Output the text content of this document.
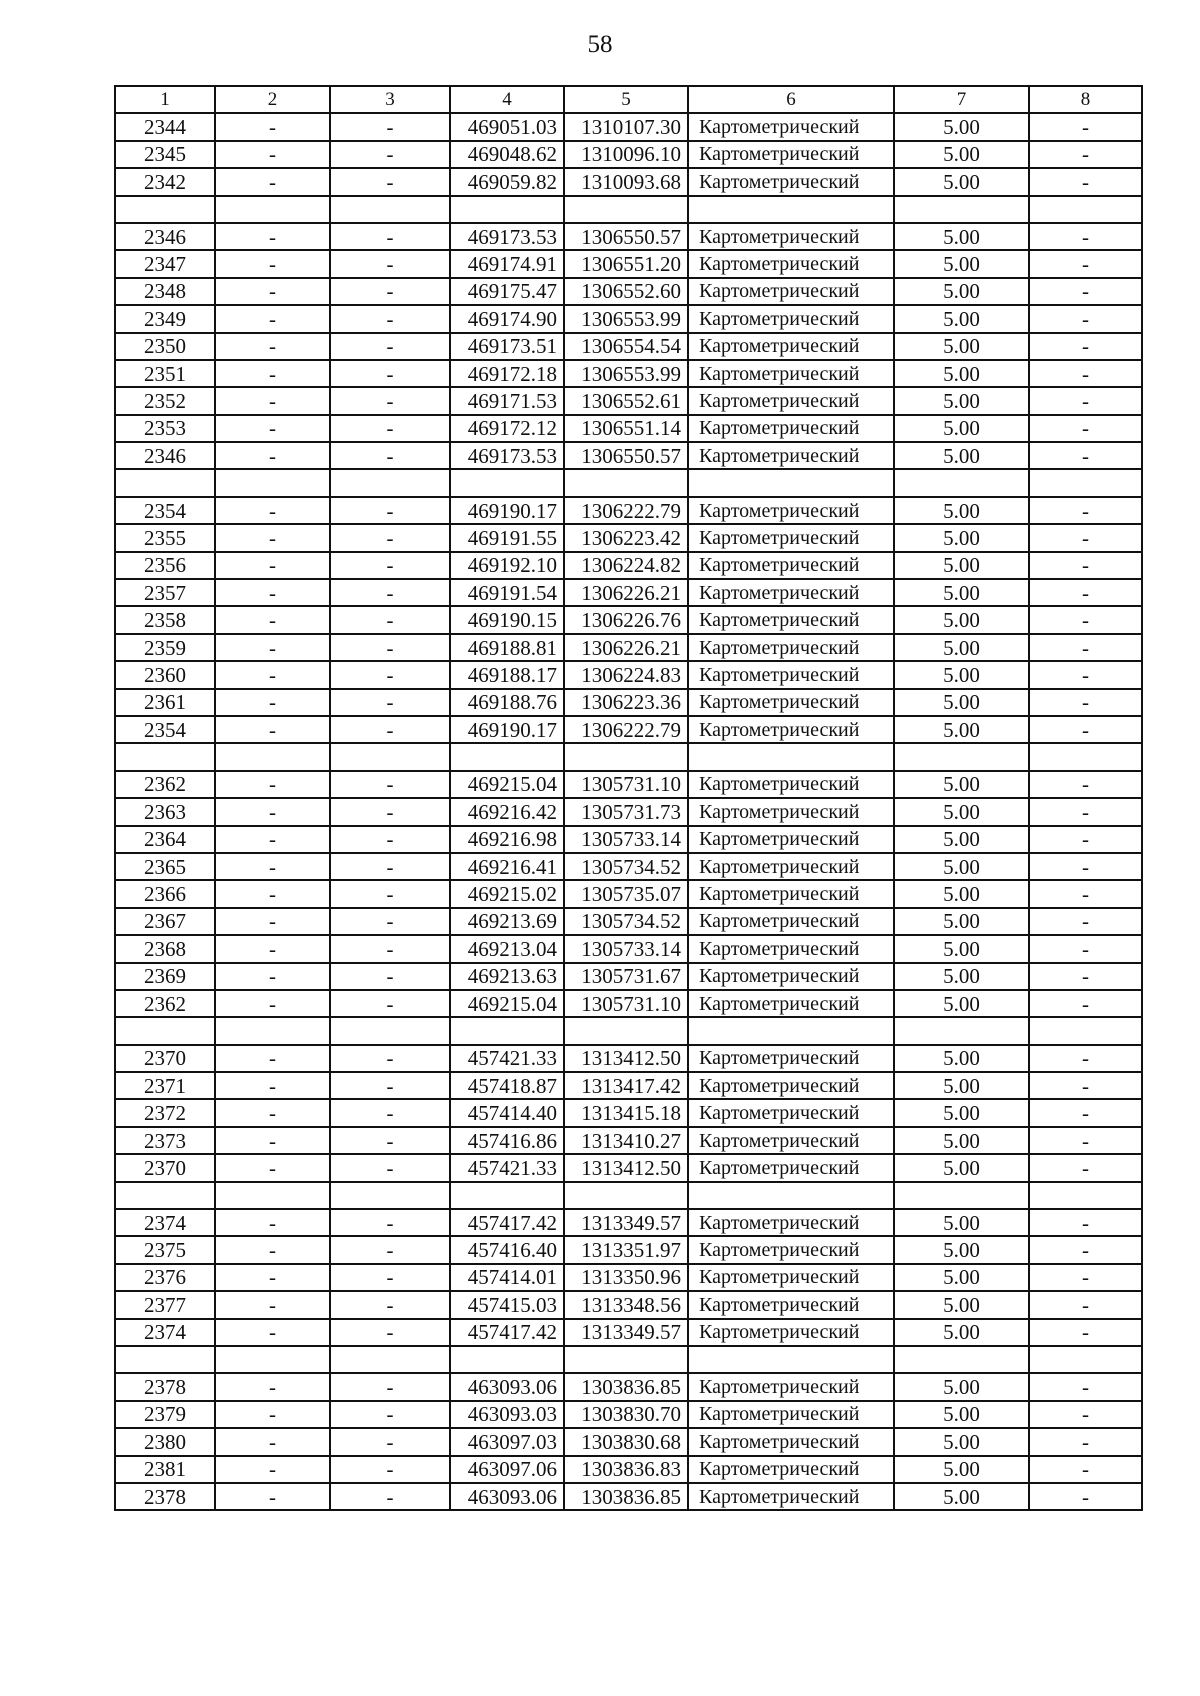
58
1	2	3	4	5	6	7	8
2344	-	-	469051.03	1310107.30	Картометрический	5.00	-
2345	-	-	469048.62	1310096.10	Картометрический	5.00	-
2342	-	-	469059.82	1310093.68	Картометрический	5.00	-

2346	-	-	469173.53	1306550.57	Картометрический	5.00	-
2347	-	-	469174.91	1306551.20	Картометрический	5.00	-
2348	-	-	469175.47	1306552.60	Картометрический	5.00	-
2349	-	-	469174.90	1306553.99	Картометрический	5.00	-
2350	-	-	469173.51	1306554.54	Картометрический	5.00	-
2351	-	-	469172.18	1306553.99	Картометрический	5.00	-
2352	-	-	469171.53	1306552.61	Картометрический	5.00	-
2353	-	-	469172.12	1306551.14	Картометрический	5.00	-
2346	-	-	469173.53	1306550.57	Картометрический	5.00	-

2354	-	-	469190.17	1306222.79	Картометрический	5.00	-
2355	-	-	469191.55	1306223.42	Картометрический	5.00	-
2356	-	-	469192.10	1306224.82	Картометрический	5.00	-
2357	-	-	469191.54	1306226.21	Картометрический	5.00	-
2358	-	-	469190.15	1306226.76	Картометрический	5.00	-
2359	-	-	469188.81	1306226.21	Картометрический	5.00	-
2360	-	-	469188.17	1306224.83	Картометрический	5.00	-
2361	-	-	469188.76	1306223.36	Картометрический	5.00	-
2354	-	-	469190.17	1306222.79	Картометрический	5.00	-

2362	-	-	469215.04	1305731.10	Картометрический	5.00	-
2363	-	-	469216.42	1305731.73	Картометрический	5.00	-
2364	-	-	469216.98	1305733.14	Картометрический	5.00	-
2365	-	-	469216.41	1305734.52	Картометрический	5.00	-
2366	-	-	469215.02	1305735.07	Картометрический	5.00	-
2367	-	-	469213.69	1305734.52	Картометрический	5.00	-
2368	-	-	469213.04	1305733.14	Картометрический	5.00	-
2369	-	-	469213.63	1305731.67	Картометрический	5.00	-
2362	-	-	469215.04	1305731.10	Картометрический	5.00	-

2370	-	-	457421.33	1313412.50	Картометрический	5.00	-
2371	-	-	457418.87	1313417.42	Картометрический	5.00	-
2372	-	-	457414.40	1313415.18	Картометрический	5.00	-
2373	-	-	457416.86	1313410.27	Картометрический	5.00	-
2370	-	-	457421.33	1313412.50	Картометрический	5.00	-

2374	-	-	457417.42	1313349.57	Картометрический	5.00	-
2375	-	-	457416.40	1313351.97	Картометрический	5.00	-
2376	-	-	457414.01	1313350.96	Картометрический	5.00	-
2377	-	-	457415.03	1313348.56	Картометрический	5.00	-
2374	-	-	457417.42	1313349.57	Картометрический	5.00	-

2378	-	-	463093.06	1303836.85	Картометрический	5.00	-
2379	-	-	463093.03	1303830.70	Картометрический	5.00	-
2380	-	-	463097.03	1303830.68	Картометрический	5.00	-
2381	-	-	463097.06	1303836.83	Картометрический	5.00	-
2378	-	-	463093.06	1303836.85	Картометрический	5.00	-
